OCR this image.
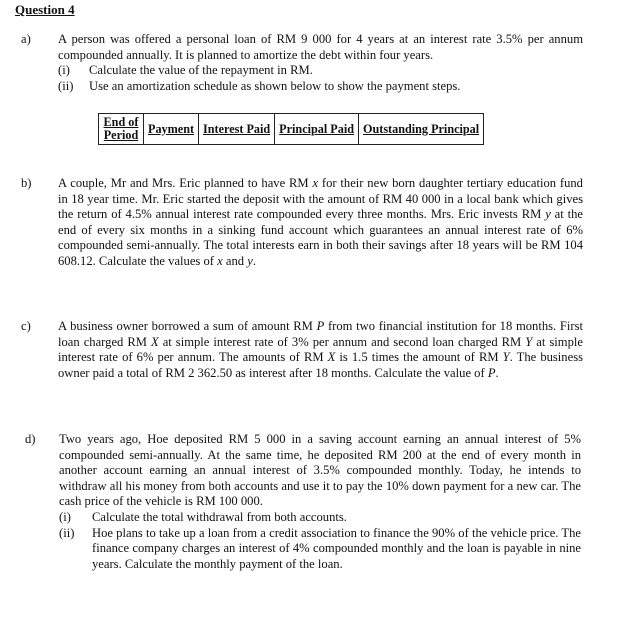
Question 4
a) A person was offered a personal loan of RM 9 000 for 4 years at an interest rate 3.5% per annum compounded annually. It is planned to amortize the debt within four years.

(i) Calculate the value of the repayment in RM.
(ii) Use an amortization schedule as shown below to show the payment steps.
End of Period	Payment	Interest Paid	Principal Paid	Outstanding Principal
b) A couple, Mr and Mrs. Eric planned to have RM x for their new born daughter tertiary education fund in 18 year time. Mr. Eric started the deposit with the amount of RM 40 000 in a local bank which gives the return of 4.5% annual interest rate compounded every three months. Mrs. Eric invests RM y at the end of every six months in a sinking fund account which guarantees an annual interest rate of 6% compounded semi-annually. The total interests earn in both their savings after 18 years will be RM 104 608.12. Calculate the values of x and y.

c) A business owner borrowed a sum of amount RM P from two financial institution for 18 months. First loan charged RM X at simple interest rate of 3% per annum and second loan charged RM Y at simple interest rate of 6% per annum. The amounts of RM X is 1.5 times the amount of RM Y. The business owner paid a total of RM 2 362.50 as interest after 18 months. Calculate the value of P.

d) Two years ago, Hoe deposited RM 5 000 in a saving account earning an annual interest of 5% compounded semi-annually. At the same time, he deposited RM 200 at the end of every month in another account earning an annual interest of 3.5% compounded monthly. Today, he intends to withdraw all his money from both accounts and use it to pay the 10% down payment for a new car. The cash price of the vehicle is RM 100 000.

(i) Calculate the total withdrawal from both accounts.
(ii) Hoe plans to take up a loan from a credit association to finance the 90% of the vehicle price. The finance company charges an interest of 4% compounded monthly and the loan is payable in nine years. Calculate the monthly payment of the loan.
